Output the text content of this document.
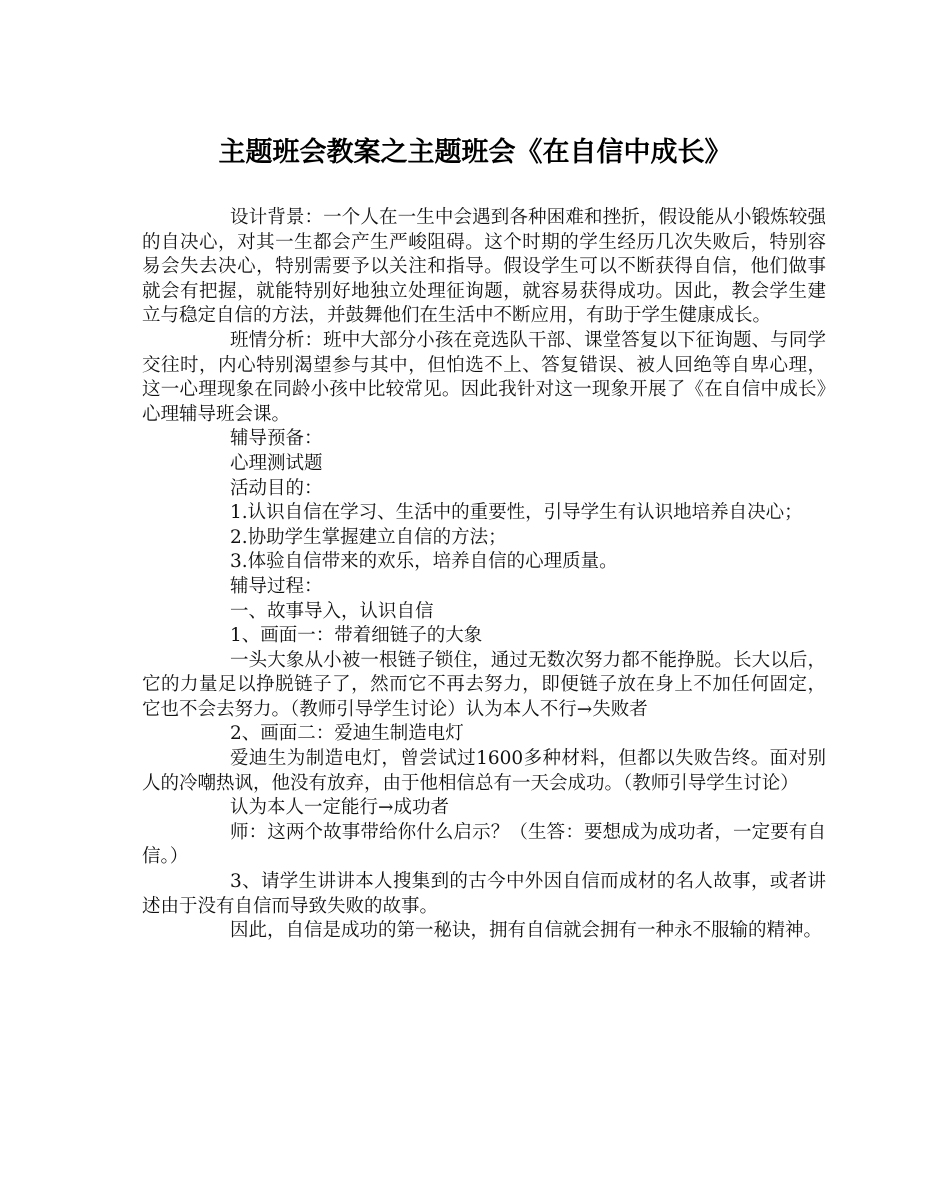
主题班会教案之主题班会《在自信中成长》

设计背景：一个人在一生中会遇到各种困难和挫折，假设能从小锻炼较强的自决心，对其一生都会产生严峻阻碍。这个时期的学生经历几次失败后，特别容易会失去决心，特别需要予以关注和指导。假设学生可以不断获得自信，他们做事就会有把握，就能特别好地独立处理征询题，就容易获得成功。因此，教会学生建立与稳定自信的方法，并鼓舞他们在生活中不断应用，有助于学生健康成长。

班情分析：班中大部分小孩在竞选队干部、课堂答复以下征询题、与同学交往时，内心特别渴望参与其中，但怕选不上、答复错误、被人回绝等自卑心理，这一心理现象在同龄小孩中比较常见。因此我针对这一现象开展了《在自信中成长》心理辅导班会课。

辅导预备：

心理测试题

活动目的：

1.认识自信在学习、生活中的重要性，引导学生有认识地培养自决心；

2.协助学生掌握建立自信的方法；

3.体验自信带来的欢乐，培养自信的心理质量。

辅导过程：

一、故事导入，认识自信

1、画面一：带着细链子的大象

一头大象从小被一根链子锁住，通过无数次努力都不能挣脱。长大以后，它的力量足以挣脱链子了，然而它不再去努力，即便链子放在身上不加任何固定，它也不会去努力。（教师引导学生讨论）认为本人不行→失败者

2、画面二：爱迪生制造电灯

爱迪生为制造电灯，曾尝试过1600多种材料，但都以失败告终。面对别人的冷嘲热讽，他没有放弃，由于他相信总有一天会成功。（教师引导学生讨论）

认为本人一定能行→成功者

师：这两个故事带给你什么启示？（生答：要想成为成功者，一定要有自信。）

3、请学生讲讲本人搜集到的古今中外因自信而成材的名人故事，或者讲述由于没有自信而导致失败的故事。

因此，自信是成功的第一秘诀，拥有自信就会拥有一种永不服输的精神。
